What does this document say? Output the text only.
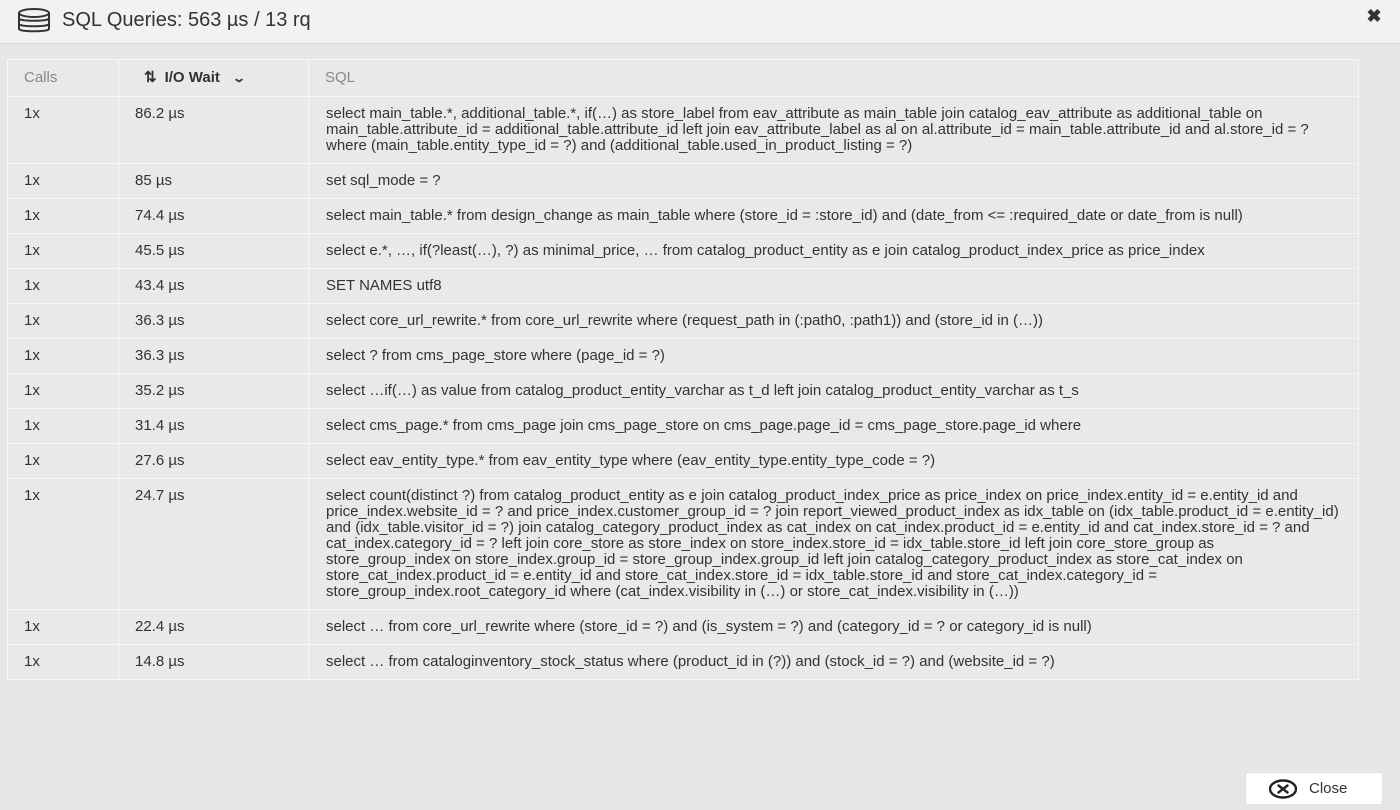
SQL Queries: 563 µs / 13 rq	✖
Calls	⇅ I/O Wait ⌄	SQL
1x	86.2 µs	select main_table.*, additional_table.*, if(…) as store_label from eav_attribute as main_table join catalog_eav_attribute as additional_table on main_table.attribute_id = additional_table.attribute_id left join eav_attribute_label as al on al.attribute_id = main_table.attribute_id and al.store_id = ? where (main_table.entity_type_id = ?) and (additional_table.used_in_product_listing = ?)
1x	85 µs	set sql_mode = ?
1x	74.4 µs	select main_table.* from design_change as main_table where (store_id = :store_id) and (date_from <= :required_date or date_from is null)
1x	45.5 µs	select e.*, …, if(?least(…), ?) as minimal_price, … from catalog_product_entity as e join catalog_product_index_price as price_index
1x	43.4 µs	SET NAMES utf8
1x	36.3 µs	select core_url_rewrite.* from core_url_rewrite where (request_path in (:path0, :path1)) and (store_id in (…))
1x	36.3 µs	select ? from cms_page_store where (page_id = ?)
1x	35.2 µs	select …if(…) as value from catalog_product_entity_varchar as t_d left join catalog_product_entity_varchar as t_s
1x	31.4 µs	select cms_page.* from cms_page join cms_page_store on cms_page.page_id = cms_page_store.page_id where
1x	27.6 µs	select eav_entity_type.* from eav_entity_type where (eav_entity_type.entity_type_code = ?)
1x	24.7 µs	select count(distinct ?) from catalog_product_entity as e join catalog_product_index_price as price_index on price_index.entity_id = e.entity_id and price_index.website_id = ? and price_index.customer_group_id = ? join report_viewed_product_index as idx_table on (idx_table.product_id = e.entity_id) and (idx_table.visitor_id = ?) join catalog_category_product_index as cat_index on cat_index.product_id = e.entity_id and cat_index.store_id = ? and cat_index.category_id = ? left join core_store as store_index on store_index.store_id = idx_table.store_id left join core_store_group as store_group_index on store_index.group_id = store_group_index.group_id left join catalog_category_product_index as store_cat_index on store_cat_index.product_id = e.entity_id and store_cat_index.store_id = idx_table.store_id and store_cat_index.category_id = store_group_index.root_category_id where (cat_index.visibility in (…) or store_cat_index.visibility in (…))
1x	22.4 µs	select … from core_url_rewrite where (store_id = ?) and (is_system = ?) and (category_id = ? or category_id is null)
1x	14.8 µs	select … from cataloginventory_stock_status where (product_id in (?)) and (stock_id = ?) and (website_id = ?)
Close
